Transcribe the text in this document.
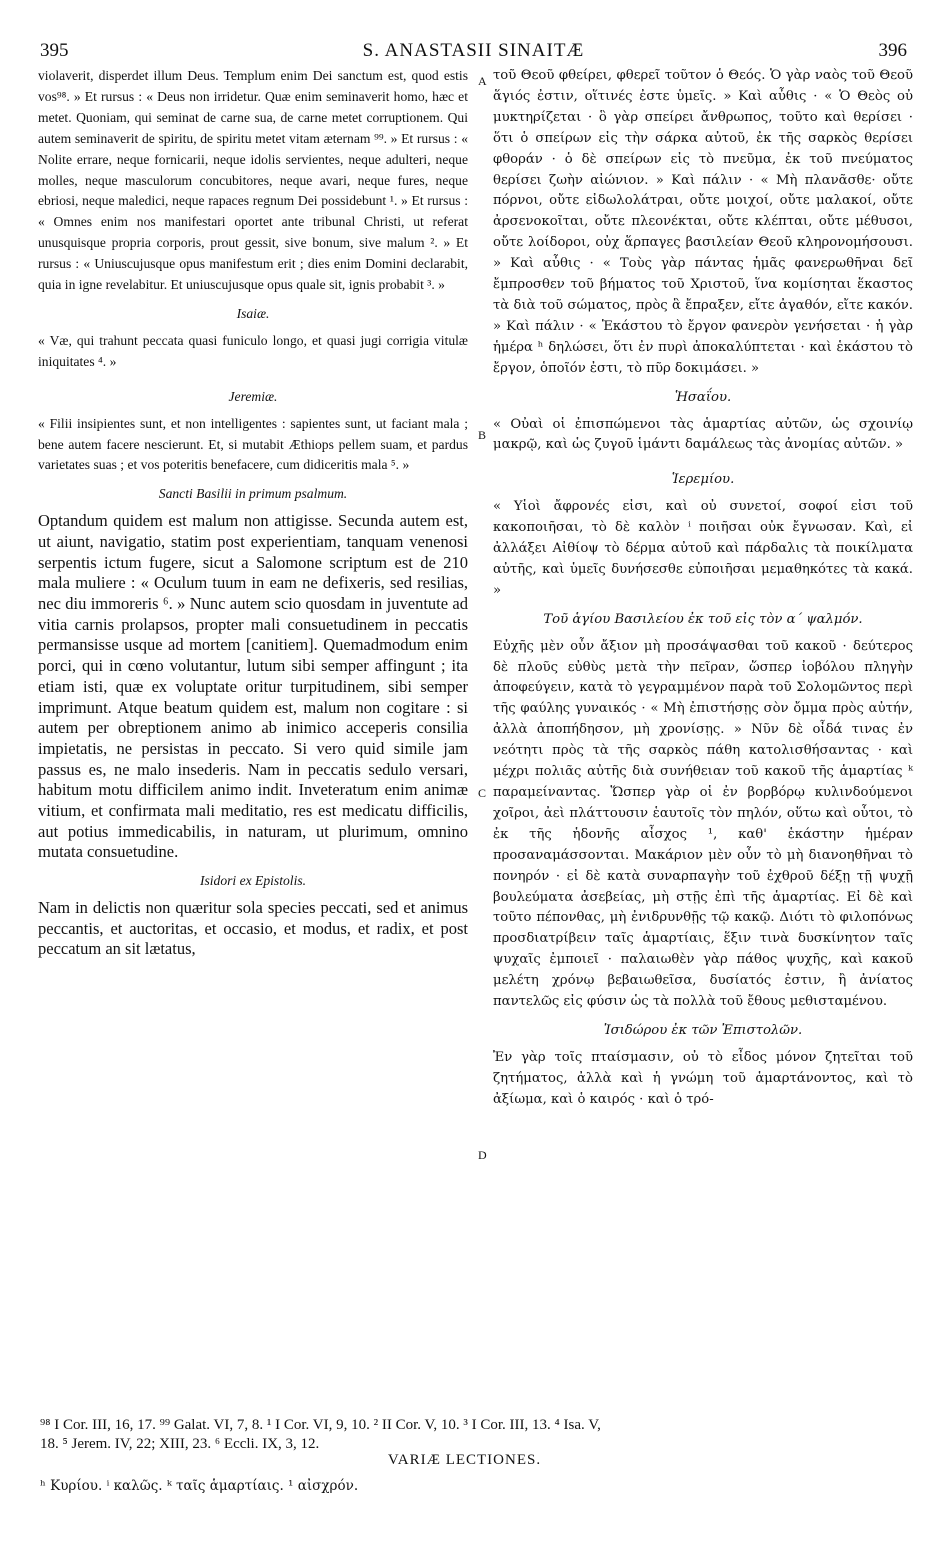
395	S. ANASTASII SINAITÆ	396
A
B
C
D

violaverit, disperdet illum Deus. Templum enim Dei sanctum est, quod estis vos⁹⁸. » Et rursus : « Deus non irridetur. Quæ enim seminaverit homo, hæc et metet. Quoniam, qui seminat de carne sua, de carne metet corruptionem. Qui autem seminaverit de spiritu, de spiritu metet vitam æternam ⁹⁹. » Et rursus : « Nolite errare, neque fornicarii, neque idolis servientes, neque adulteri, neque molles, neque masculorum concubitores, neque avari, neque fures, neque ebriosi, neque maledici, neque rapaces regnum Dei possidebunt ¹. » Et rursus : « Omnes enim nos manifestari oportet ante tribunal Christi, ut referat unusquisque propria corporis, prout gessit, sive bonum, sive malum ². » Et rursus : « Uniuscujusque opus manifestum erit ; dies enim Domini declarabit, quia in igne revelabitur. Et uniuscujusque opus quale sit, ignis probabit ³. »

Isaiæ.

« Væ, qui trahunt peccata quasi funiculo longo, et quasi jugi corrigia vitulæ iniquitates ⁴. »

Jeremiæ.

« Filii insipientes sunt, et non intelligentes : sapientes sunt, ut faciant mala ; bene autem facere nescierunt. Et, si mutabit Æthiops pellem suam, et pardus varietates suas ; et vos poteritis benefacere, cum didiceritis mala ⁵. »

Sancti Basilii in primum psalmum.

Optandum quidem est malum non attigisse. Secunda autem est, ut aiunt, navigatio, statim post experientiam, tanquam venenosi serpentis ictum fugere, sicut a Salomone scriptum est de 210 mala muliere : « Oculum tuum in eam ne defixeris, sed resilias, nec diu immoreris ⁶. » Nunc autem scio quosdam in juventute ad vitia carnis prolapsos, propter mali consuetudinem in peccatis permansisse usque ad mortem [canitiem]. Quemadmodum enim porci, qui in cœno volutantur, lutum sibi semper affingunt ; ita etiam isti, quæ ex voluptate oritur turpitudinem, sibi semper imprimunt. Atque beatum quidem est, malum non cogitare : si autem per obreptionem animo ab inimico acceperis consilia impietatis, ne persistas in peccato. Si vero quid simile jam passus es, ne malo insederis. Nam in peccatis sedulo versari, habitum motu difficilem animo indit. Inveteratum enim animæ vitium, et confirmata mali meditatio, res est medicatu difficilis, aut potius immedicabilis, in naturam, ut plurimum, omnino mutata consuetudine.

Isidori ex Epistolis.

Nam in delictis non quæritur sola species peccati, sed et animus peccantis, et auctoritas, et occasio, et modus, et radix, et post peccatum an sit lætatus,

τοῦ Θεοῦ φθείρει, φθερεῖ τοῦτον ὁ Θεός. Ὁ γὰρ ναὸς τοῦ Θεοῦ ἅγιός ἐστιν, οἵτινές ἐστε ὑμεῖς. » Καὶ αὖθις · « Ὁ Θεὸς οὐ μυκτηρίζεται · ὃ γὰρ σπείρει ἄνθρωπος, τοῦτο καὶ θερίσει · ὅτι ὁ σπείρων εἰς τὴν σάρκα αὐτοῦ, ἐκ τῆς σαρκὸς θερίσει φθοράν · ὁ δὲ σπείρων εἰς τὸ πνεῦμα, ἐκ τοῦ πνεύματος θερίσει ζωὴν αἰώνιον. » Καὶ πάλιν · « Μὴ πλανᾶσθε· οὔτε πόρνοι, οὔτε εἰδωλολάτραι, οὔτε μοιχοί, οὔτε μαλακοί, οὔτε ἀρσενοκοῖται, οὔτε πλεονέκται, οὔτε κλέπται, οὔτε μέθυσοι, οὔτε λοίδοροι, οὐχ ἅρπαγες βασιλείαν Θεοῦ κληρονομήσουσι. » Καὶ αὖθις · « Τοὺς γὰρ πάντας ἡμᾶς φανερωθῆναι δεῖ ἔμπροσθεν τοῦ βήματος τοῦ Χριστοῦ, ἵνα κομίσηται ἕκαστος τὰ διὰ τοῦ σώματος, πρὸς ἃ ἔπραξεν, εἴτε ἀγαθόν, εἴτε κακόν. » Καὶ πάλιν · « Ἑκάστου τὸ ἔργον φανερὸν γενήσεται · ἡ γὰρ ἡμέρα ʰ δηλώσει, ὅτι ἐν πυρὶ ἀποκαλύπτεται · καὶ ἑκάστου τὸ ἔργον, ὁποῖόν ἐστι, τὸ πῦρ δοκιμάσει. »

Ἡσαΐου.

« Οὐαὶ οἱ ἐπισπώμενοι τὰς ἁμαρτίας αὐτῶν, ὡς σχοινίῳ μακρῷ, καὶ ὡς ζυγοῦ ἱμάντι δαμάλεως τὰς ἀνομίας αὐτῶν. »

Ἱερεμίου.

« Υἱοὶ ἄφρονές εἰσι, καὶ οὐ συνετοί, σοφοί εἰσι τοῦ κακοποιῆσαι, τὸ δὲ καλὸν ⁱ ποιῆσαι οὐκ ἔγνωσαν. Καὶ, εἰ ἀλλάξει Αἰθίοψ τὸ δέρμα αὐτοῦ καὶ πάρδαλις τὰ ποικίλματα αὐτῆς, καὶ ὑμεῖς δυνήσεσθε εὐποιῆσαι μεμαθηκότες τὰ κακά. »

Τοῦ ἁγίου Βασιλείου ἐκ τοῦ εἰς τὸν α΄ ψαλμόν.

Εὐχῆς μὲν οὖν ἄξιον μὴ προσάψασθαι τοῦ κακοῦ · δεύτερος δὲ πλοῦς εὐθὺς μετὰ τὴν πεῖραν, ὥσπερ ἰοβόλου πληγὴν ἀποφεύγειν, κατὰ τὸ γεγραμμένον παρὰ τοῦ Σολομῶντος περὶ τῆς φαύλης γυναικός · « Μὴ ἐπιστήσῃς σὸν ὄμμα πρὸς αὐτήν, ἀλλὰ ἀποπήδησον, μὴ χρονίσῃς. » Νῦν δὲ οἶδά τινας ἐν νεότητι πρὸς τὰ τῆς σαρκὸς πάθη κατολισθήσαντας · καὶ μέχρι πολιᾶς αὐτῆς διὰ συνήθειαν τοῦ κακοῦ τῆς ἁμαρτίας ᵏ παραμείναντας. Ὥσπερ γὰρ οἱ ἐν βορβόρῳ κυλινδούμενοι χοῖροι, ἀεὶ πλάττουσιν ἑαυτοῖς τὸν πηλόν, οὕτω καὶ οὗτοι, τὸ ἐκ τῆς ἡδονῆς αἶσχος ¹, καθ' ἑκάστην ἡμέραν προσαναμάσσονται. Μακάριον μὲν οὖν τὸ μὴ διανοηθῆναι τὸ πονηρόν · εἰ δὲ κατὰ συναρπαγὴν τοῦ ἐχθροῦ δέξῃ τῇ ψυχῇ βουλεύματα ἀσεβείας, μὴ στῇς ἐπὶ τῆς ἁμαρτίας. Εἰ δὲ καὶ τοῦτο πέπονθας, μὴ ἐνιδρυνθῇς τῷ κακῷ. Διότι τὸ φιλοπόνως προσδιατρίβειν ταῖς ἁμαρτίαις, ἕξιν τινὰ δυσκίνητον ταῖς ψυχαῖς ἐμποιεῖ · παλαιωθὲν γὰρ πάθος ψυχῆς, καὶ κακοῦ μελέτη χρόνῳ βεβαιωθεῖσα, δυσίατός ἐστιν, ἢ ἀνίατος παντελῶς εἰς φύσιν ὡς τὰ πολλὰ τοῦ ἔθους μεθισταμένου.

Ἰσιδώρου ἐκ τῶν Ἐπιστολῶν.

Ἐν γὰρ τοῖς πταίσμασιν, οὐ τὸ εἶδος μόνον ζητεῖται τοῦ ζητήματος, ἀλλὰ καὶ ἡ γνώμη τοῦ ἁμαρτάνοντος, καὶ τὸ ἀξίωμα, καὶ ὁ καιρός · καὶ ὁ τρό-

⁹⁸ I Cor. III, 16, 17. ⁹⁹ Galat. VI, 7, 8. ¹ I Cor. VI, 9, 10. ² II Cor. V, 10. ³ I Cor. III, 13. ⁴ Isa. V,

18. ⁵ Jerem. IV, 22; XIII, 23. ⁶ Eccli. IX, 3, 12.

VARIÆ LECTIONES.
ʰ Κυρίου. ⁱ καλῶς. ᵏ ταῖς ἁμαρτίαις. ¹ αἰσχρόν.
